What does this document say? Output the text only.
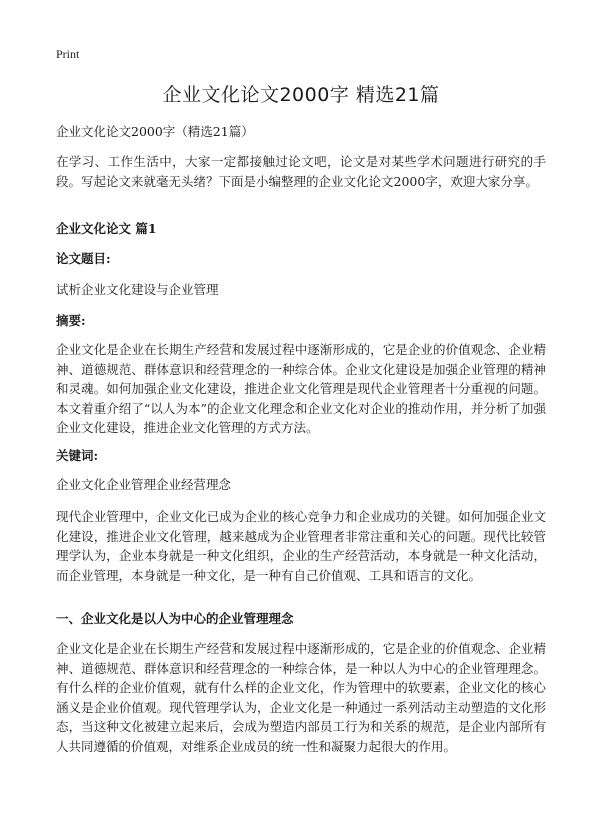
Print
企业文化论文2000字 精选21篇

企业文化论文2000字（精选21篇）

在学习、工作生活中，大家一定都接触过论文吧，论文是对某些学术问题进行研究的手段。写起论文来就毫无头绪？下面是小编整理的企业文化论文2000字，欢迎大家分享。

企业文化论文 篇1
论文题目:

试析企业文化建设与企业管理

摘要:

企业文化是企业在长期生产经营和发展过程中逐渐形成的，它是企业的价值观念、企业精神、道德规范、群体意识和经营理念的一种综合体。企业文化建设是加强企业管理的精神和灵魂。如何加强企业文化建设，推进企业文化管理是现代企业管理者十分重视的问题。本文着重介绍了“以人为本”的企业文化理念和企业文化对企业的推动作用，并分析了加强企业文化建设，推进企业文化管理的方式方法。

关键词:

企业文化企业管理企业经营理念

现代企业管理中，企业文化已成为企业的核心竞争力和企业成功的关键。如何加强企业文化建设，推进企业文化管理，越来越成为企业管理者非常注重和关心的问题。现代比较管理学认为，企业本身就是一种文化组织，企业的生产经营活动，本身就是一种文化活动，而企业管理，本身就是一种文化，是一种有自己价值观、工具和语言的文化。

一、企业文化是以人为中心的企业管理理念

企业文化是企业在长期生产经营和发展过程中逐渐形成的，它是企业的价值观念、企业精神、道德规范、群体意识和经营理念的一种综合体，是一种以人为中心的企业管理理念。有什么样的企业价值观，就有什么样的企业文化，作为管理中的软要素，企业文化的核心涵义是企业价值观。现代管理学认为，企业文化是一种通过一系列活动主动塑造的文化形态，当这种文化被建立起来后，会成为塑造内部员工行为和关系的规范，是企业内部所有人共同遵循的价值观，对维系企业成员的统一性和凝聚力起很大的作用。
